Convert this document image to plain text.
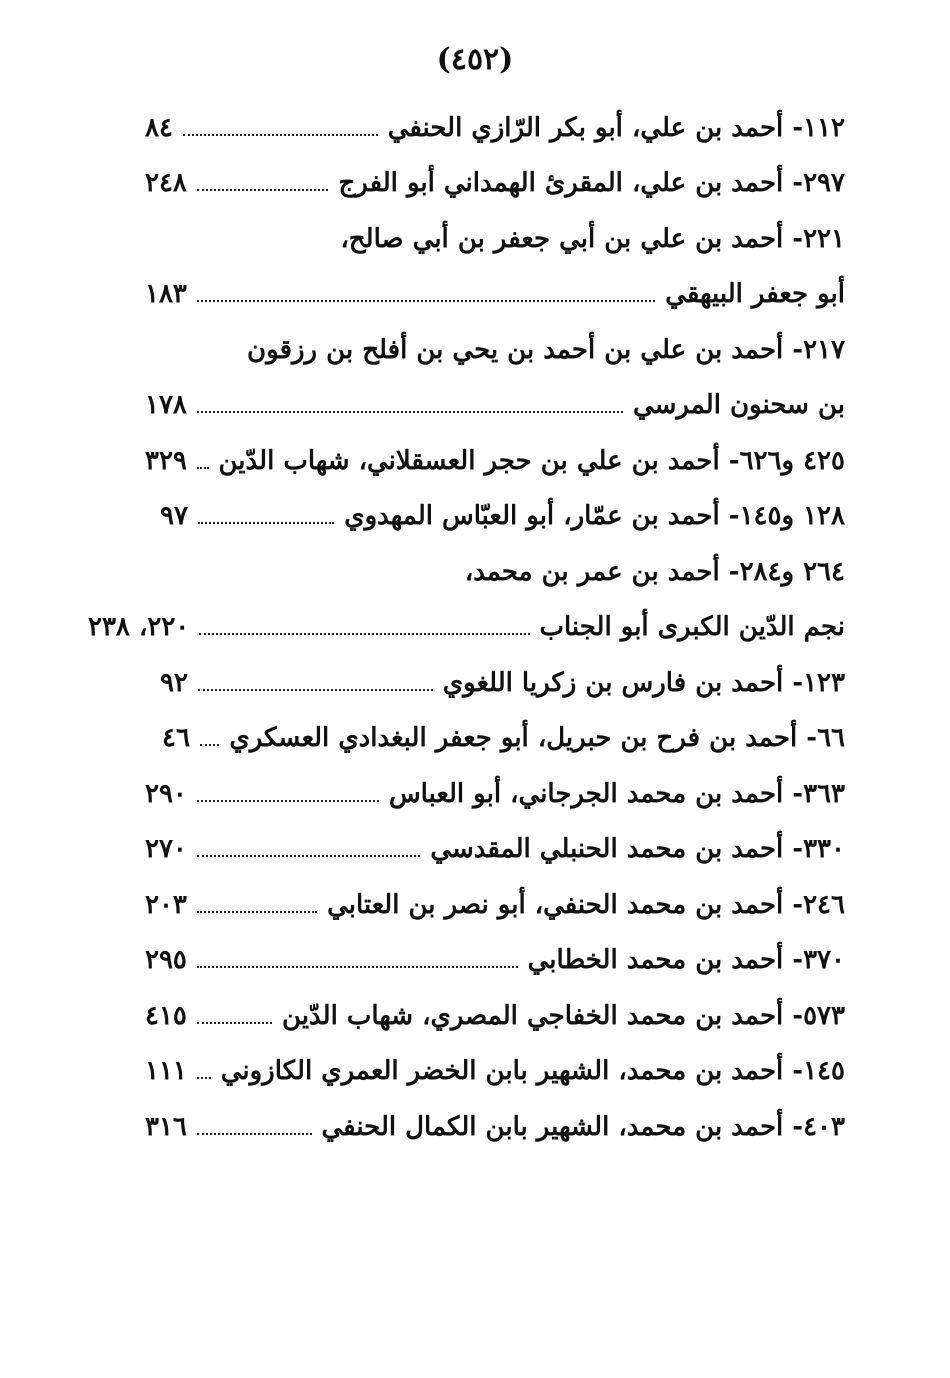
(٤٥٢)
١١٢- أحمد بن علي، أبو بكر الرّازي الحنفي
٨٤
٢٩٧- أحمد بن علي، المقرئ الهمداني أبو الفرج
٢٤٨
٢٢١- أحمد بن علي بن أبي جعفر بن أبي صالح،
أبو جعفر البيهقي
١٨٣
٢١٧- أحمد بن علي بن أحمد بن يحي بن أفلح بن رزقون
بن سحنون المرسي
١٧٨
٤٢٥ و٦٢٦- أحمد بن علي بن حجر العسقلاني، شهاب الدّين
٣٢٩
١٢٨ و١٤٥- أحمد بن عمّار، أبو العبّاس المهدوي
٩٧
٢٦٤ و٢٨٤- أحمد بن عمر بن محمد،
نجم الدّين الكبرى أبو الجناب
٢٢٠، ٢٣٨
١٢٣- أحمد بن فارس بن زكريا اللغوي
٩٢
٦٦- أحمد بن فرح بن حبريل، أبو جعفر البغدادي العسكري
٤٦
٣٦٣- أحمد بن محمد الجرجاني، أبو العباس
٢٩٠
٣٣٠- أحمد بن محمد الحنبلي المقدسي
٢٧٠
٢٤٦- أحمد بن محمد الحنفي، أبو نصر بن العتابي
٢٠٣
٣٧٠- أحمد بن محمد الخطابي
٢٩٥
٥٧٣- أحمد بن محمد الخفاجي المصري، شهاب الدّين
٤١٥
١٤٥- أحمد بن محمد، الشهير بابن الخضر العمري الكازوني
١١١
٤٠٣- أحمد بن محمد، الشهير بابن الكمال الحنفي
٣١٦
